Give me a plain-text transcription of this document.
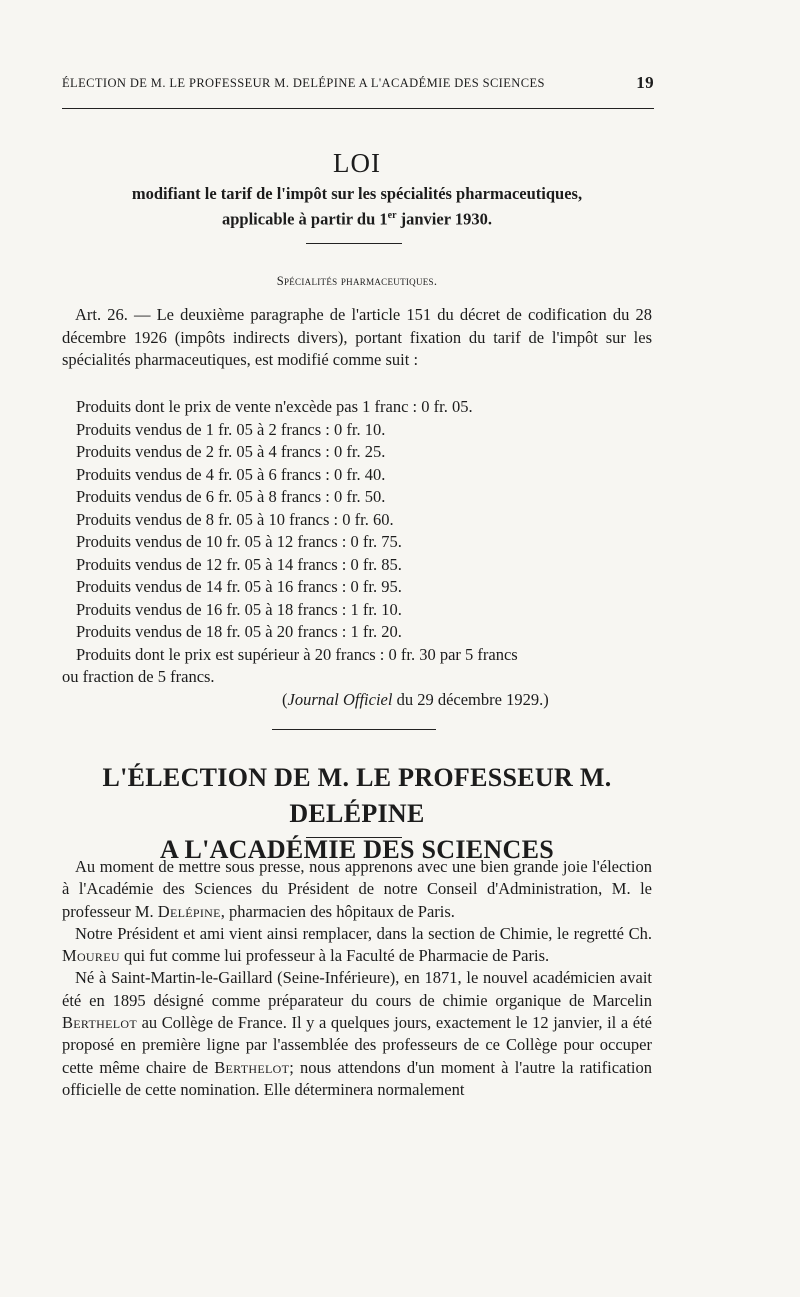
ÉLECTION DE M. LE PROFESSEUR M. DELÉPINE A L'ACADÉMIE DES SCIENCES	19
LOI
modifiant le tarif de l'impôt sur les spécialités pharmaceutiques,
applicable à partir du 1er janvier 1930.
Spécialités pharmaceutiques.

Art. 26. — Le deuxième paragraphe de l'article 151 du décret de codification du 28 décembre 1926 (impôts indirects divers), portant fixation du tarif de l'impôt sur les spécialités pharmaceutiques, est modifié comme suit :

Produits dont le prix de vente n'excède pas 1 franc : 0 fr. 05.
Produits vendus de 1 fr. 05 à 2 francs : 0 fr. 10.
Produits vendus de 2 fr. 05 à 4 francs : 0 fr. 25.
Produits vendus de 4 fr. 05 à 6 francs : 0 fr. 40.
Produits vendus de 6 fr. 05 à 8 francs : 0 fr. 50.
Produits vendus de 8 fr. 05 à 10 francs : 0 fr. 60.
Produits vendus de 10 fr. 05 à 12 francs : 0 fr. 75.
Produits vendus de 12 fr. 05 à 14 francs : 0 fr. 85.
Produits vendus de 14 fr. 05 à 16 francs : 0 fr. 95.
Produits vendus de 16 fr. 05 à 18 francs : 1 fr. 10.
Produits vendus de 18 fr. 05 à 20 francs : 1 fr. 20.
Produits dont le prix est supérieur à 20 francs : 0 fr. 30 par 5 francs
ou fraction de 5 francs.
(Journal Officiel du 29 décembre 1929.)
L'ÉLECTION DE M. LE PROFESSEUR M. DELÉPINE
A L'ACADÉMIE DES SCIENCES

Au moment de mettre sous presse, nous apprenons avec une bien grande joie l'élection à l'Académie des Sciences du Président de notre Conseil d'Administration, M. le professeur M. Delépine, pharmacien des hôpitaux de Paris.

Notre Président et ami vient ainsi remplacer, dans la section de Chimie, le regretté Ch. Moureu qui fut comme lui professeur à la Faculté de Pharmacie de Paris.

Né à Saint-Martin-le-Gaillard (Seine-Inférieure), en 1871, le nouvel académicien avait été en 1895 désigné comme préparateur du cours de chimie organique de Marcelin Berthelot au Collège de France. Il y a quelques jours, exactement le 12 janvier, il a été proposé en première ligne par l'assemblée des professeurs de ce Collège pour occuper cette même chaire de Berthelot; nous attendons d'un moment à l'autre la ratification officielle de cette nomination. Elle déterminera normalement
